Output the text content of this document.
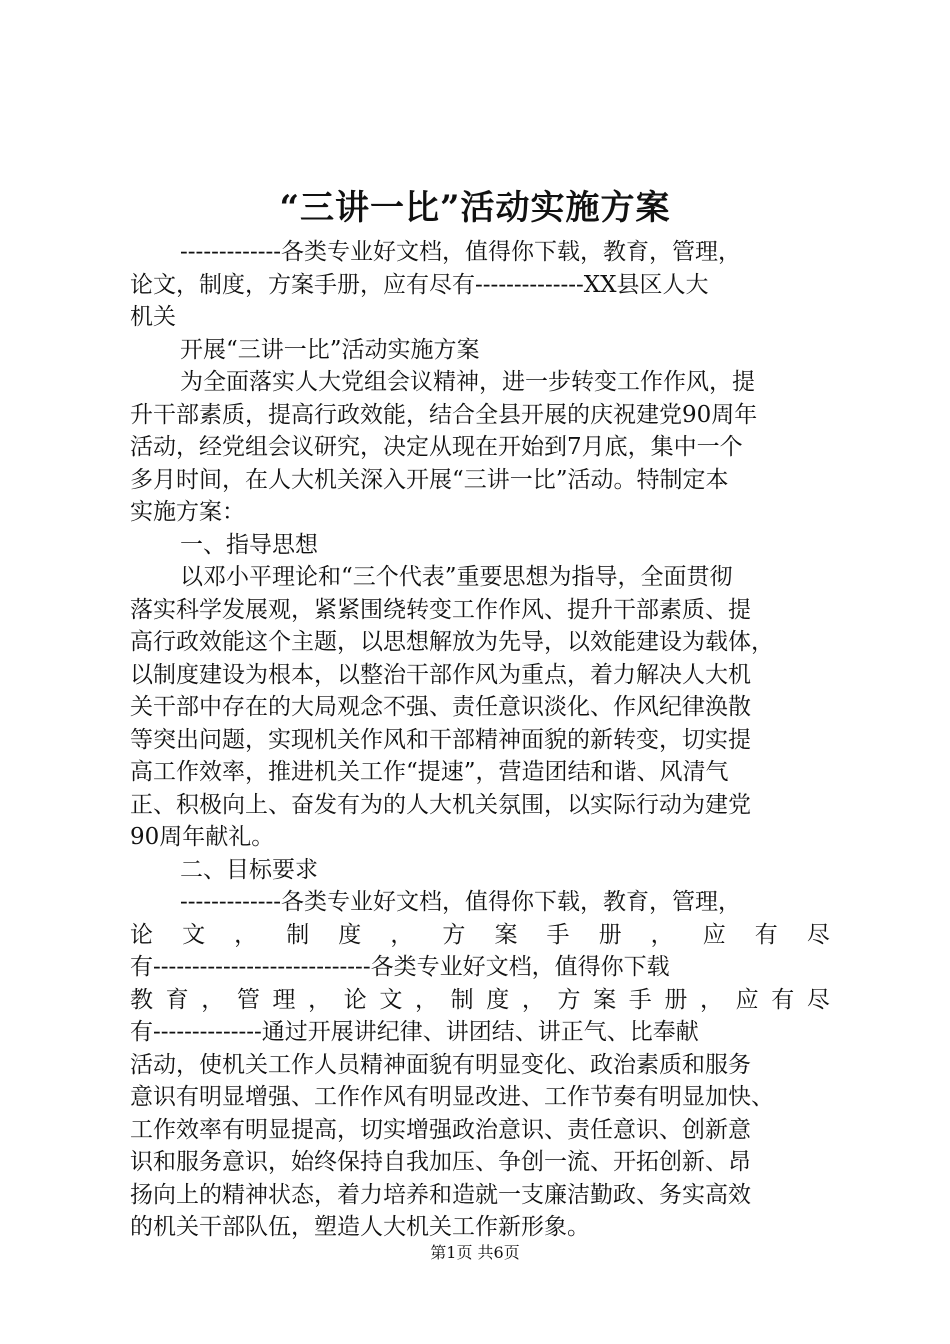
“三讲一比”活动实施方案
-------------各类专业好文档，值得你下载，教育，管理，
论文，制度，方案手册，应有尽有--------------XX县区人大
机关
开展“三讲一比”活动实施方案
为全面落实人大党组会议精神，进一步转变工作作风，提
升干部素质，提高行政效能，结合全县开展的庆祝建党90周年
活动，经党组会议研究，决定从现在开始到7月底，集中一个
多月时间，在人大机关深入开展“三讲一比”活动。特制定本
实施方案：
一、指导思想
以邓小平理论和“三个代表”重要思想为指导，全面贯彻
落实科学发展观，紧紧围绕转变工作作风、提升干部素质、提
高行政效能这个主题，以思想解放为先导，以效能建设为载体，
以制度建设为根本，以整治干部作风为重点，着力解决人大机
关干部中存在的大局观念不强、责任意识淡化、作风纪律涣散
等突出问题，实现机关作风和干部精神面貌的新转变，切实提
高工作效率，推进机关工作“提速”，营造团结和谐、风清气
正、积极向上、奋发有为的人大机关氛围，以实际行动为建党
90周年献礼。
二、目标要求
-------------各类专业好文档，值得你下载，教育，管理，
论 文 ， 制 度 ， 方 案 手 册 ， 应 有 尽
有----------------------------各类专业好文档，值得你下载
教 育 ， 管 理 ， 论 文 ， 制 度 ， 方 案 手 册 ， 应 有 尽
有--------------通过开展讲纪律、讲团结、讲正气、比奉献
活动，使机关工作人员精神面貌有明显变化、政治素质和服务
意识有明显增强、工作作风有明显改进、工作节奏有明显加快、
工作效率有明显提高，切实增强政治意识、责任意识、创新意
识和服务意识，始终保持自我加压、争创一流、开拓创新、昂
扬向上的精神状态，着力培养和造就一支廉洁勤政、务实高效
的机关干部队伍，塑造人大机关工作新形象。
第1页 共6页
